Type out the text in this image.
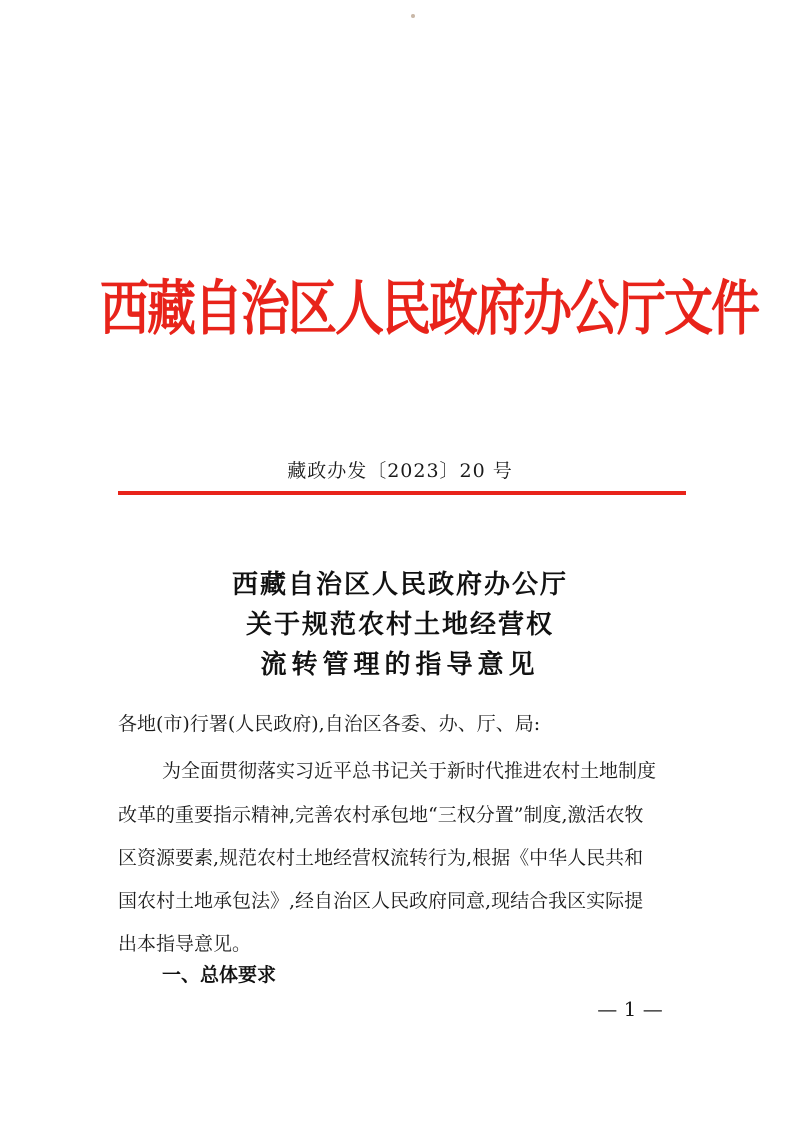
西藏自治区人民政府办公厅文件
藏政办发〔2023〕20 号
西藏自治区人民政府办公厅
关于规范农村土地经营权
流转管理的指导意见
各地(市)行署(人民政府),自治区各委、办、厅、局:
为全面贯彻落实习近平总书记关于新时代推进农村土地制度
改革的重要指示精神,完善农村承包地“三权分置”制度,激活农牧
区资源要素,规范农村土地经营权流转行为,根据《中华人民共和
国农村土地承包法》,经自治区人民政府同意,现结合我区实际提
出本指导意见。
一、总体要求
— 1 —
